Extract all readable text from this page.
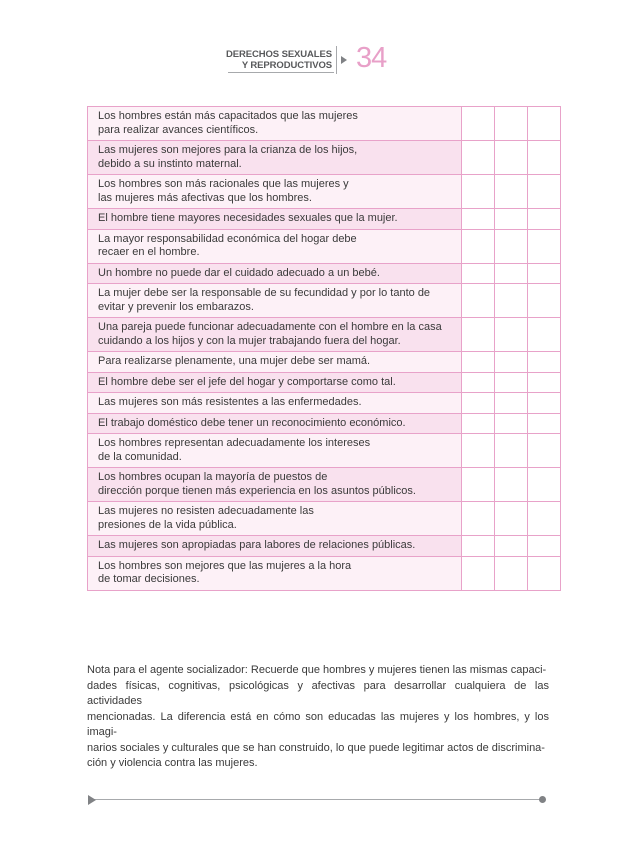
DERECHOS SEXUALES
Y REPRODUCTIVOS 34
Los hombres están más capacitados que las mujeres
para realizar avances científicos.			

Las mujeres son mejores para la crianza de los hijos,
debido a su instinto maternal.			

Los hombres son más racionales que las mujeres y
las mujeres más afectivas que los hombres.			

El hombre tiene mayores necesidades sexuales que la mujer.			

La mayor responsabilidad económica del hogar debe
recaer en el hombre.			

Un hombre no puede dar el cuidado adecuado a un bebé.			

La mujer debe ser la responsable de su fecundidad y por lo tanto de
evitar y prevenir los embarazos.			

Una pareja puede funcionar adecuadamente con el hombre en la casa
cuidando a los hijos y con la mujer trabajando fuera del hogar.			

Para realizarse plenamente, una mujer debe ser mamá.			

El hombre debe ser el jefe del hogar y comportarse como tal.			

Las mujeres son más resistentes a las enfermedades.			

El trabajo doméstico debe tener un reconocimiento económico.			

Los hombres representan adecuadamente los intereses
de la comunidad.			

Los hombres ocupan la mayoría de puestos de
dirección porque tienen más experiencia en los asuntos públicos.			

Las mujeres no resisten adecuadamente las
presiones de la vida pública.			

Las mujeres son apropiadas para labores de relaciones públicas.			

Los hombres son mejores que las mujeres a la hora
de tomar decisiones.			

Nota para el agente socializador: Recuerde que hombres y mujeres tienen las mismas capaci-
dades físicas, cognitivas, psicológicas y afectivas para desarrollar cualquiera de las actividades
mencionadas. La diferencia está en cómo son educadas las mujeres y los hombres, y los imagi-
narios sociales y culturales que se han construido, lo que puede legitimar actos de discrimina-
ción y violencia contra las mujeres.
